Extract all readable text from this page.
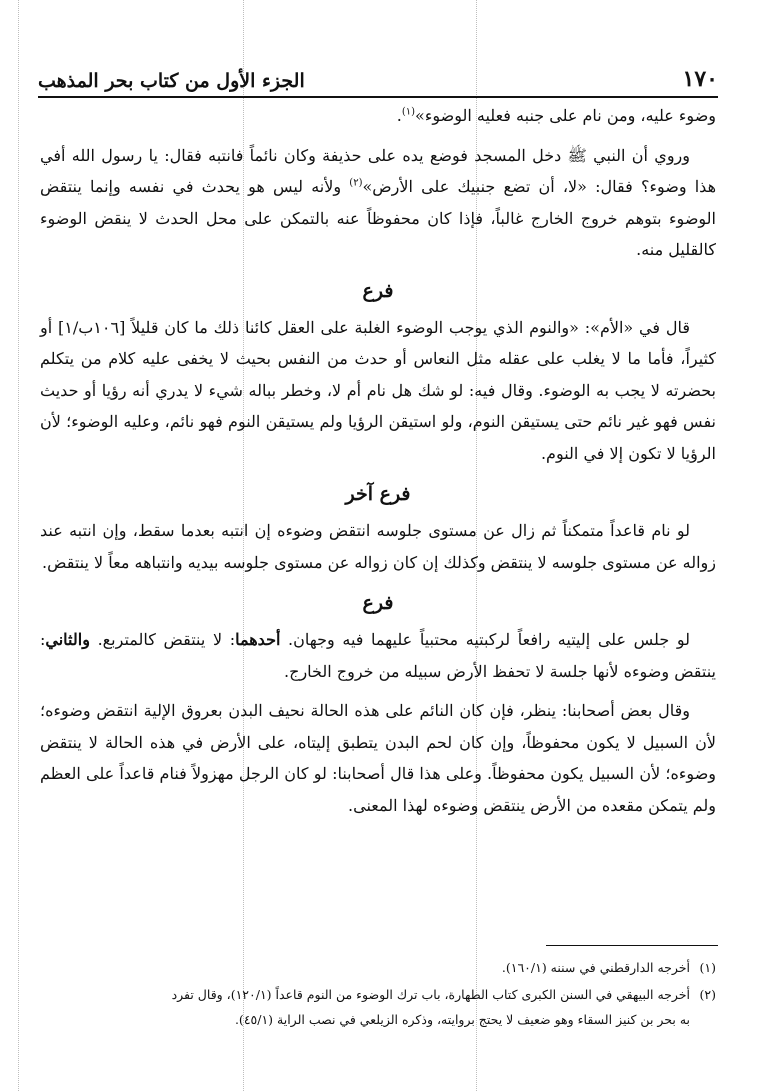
١٧٠
الجزء الأول من كتاب بحر المذهب

وضوء عليه، ومن نام على جنبه فعليه الوضوء»$^{(١)}$.

وروي أن النبي ﷺ دخل المسجد فوضع يده على حذيفة وكان نائماً فانتبه فقال: يا رسول الله أفي هذا وضوء؟ فقال: «لا، أن تضع جنبيك على الأرض»$^{(٢)}$ ولأنه ليس هو يحدث في نفسه وإنما ينتقض الوضوء بتوهم خروج الخارج غالباً، فإذا كان محفوظاً عنه بالتمكن على محل الحدث لا ينقض الوضوء كالقليل منه.

فرع

قال في «الأم»: «والنوم الذي يوجب الوضوء الغلبة على العقل كائنا ذلك ما كان قليلاً [١٠٦ب/١] أو كثيراً، فأما ما لا يغلب على عقله مثل النعاس أو حدث من النفس بحيث لا يخفى عليه كلام من يتكلم بحضرته لا يجب به الوضوء. وقال فيه: لو شك هل نام أم لا، وخطر بباله شيء لا يدري أنه رؤيا أو حديث نفس فهو غير نائم حتى يستيقن النوم، ولو استيقن الرؤيا ولم يستيقن النوم فهو نائم، وعليه الوضوء؛ لأن الرؤيا لا تكون إلا في النوم.

فرع آخر

لو نام قاعداً متمكناً ثم زال عن مستوى جلوسه انتقض وضوءه إن انتبه بعدما سقط، وإن انتبه عند زواله عن مستوى جلوسه لا ينتقض وكذلك إن كان زواله عن مستوى جلوسه بيديه وانتباهه معاً لا ينتقض.

فرع

لو جلس على إليتيه رافعاً لركبتيه محتبياً عليهما فيه وجهان. أحدهما: لا ينتقض كالمتربع. والثاني: ينتقض وضوءه لأنها جلسة لا تحفظ الأرض سبيله من خروج الخارج.

وقال بعض أصحابنا: ينظر، فإن كان النائم على هذه الحالة نحيف البدن بعروق الإلية انتقض وضوءه؛ لأن السبيل لا يكون محفوظاً، وإن كان لحم البدن يتطبق إليتاه، على الأرض في هذه الحالة لا ينتقض وضوءه؛ لأن السبيل يكون محفوظاً. وعلى هذا قال أصحابنا: لو كان الرجل مهزولاً فنام قاعداً على العظم ولم يتمكن مقعده من الأرض ينتقض وضوءه لهذا المعنى.

(١)أخرجه الدارقطني في سننه (١٦٠/١).

(٢)أخرجه البيهقي في السنن الكبرى كتاب الطهارة، باب ترك الوضوء من النوم قاعداً (١٢٠/١)، وقال تفرد
به بحر بن كنيز السقاء وهو ضعيف لا يحتج بروايته، وذكره الزيلعي في نصب الراية (٤٥/١).
